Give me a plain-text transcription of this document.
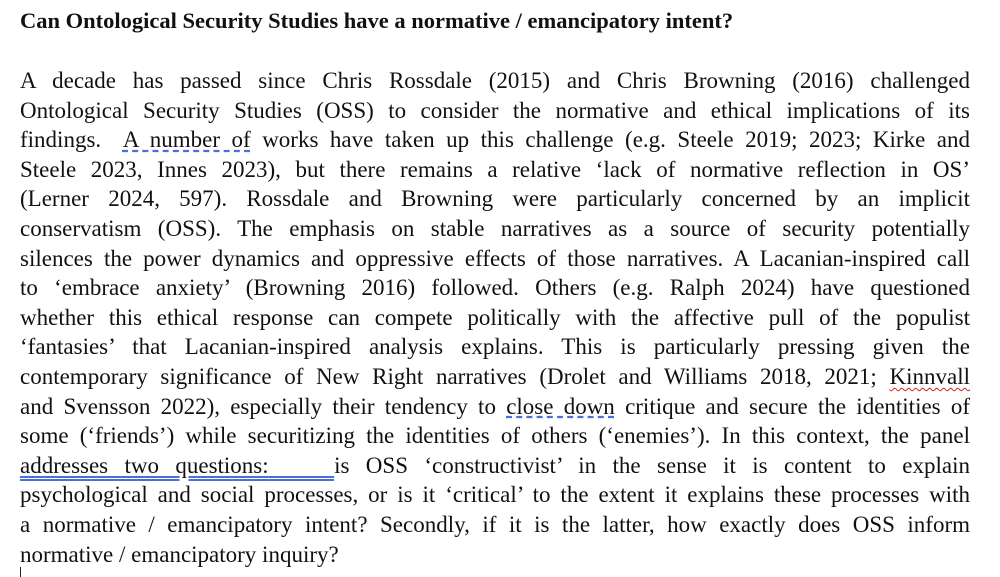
Can Ontological Security Studies have a normative / emancipatory intent?
A decade has passed since Chris Rossdale (2015) and Chris Browning (2016) challenged
Ontological Security Studies (OSS) to consider the normative and ethical implications of its
findings. A number of works have taken up this challenge (e.g. Steele 2019; 2023; Kirke and
Steele 2023, Innes 2023), but there remains a relative ‘lack of normative reflection in OS’
(Lerner 2024, 597). Rossdale and Browning were particularly concerned by an implicit
conservatism (OSS). The emphasis on stable narratives as a source of security potentially
silences the power dynamics and oppressive effects of those narratives. A Lacanian-inspired call
to ‘embrace anxiety’ (Browning 2016) followed. Others (e.g. Ralph 2024) have questioned
whether this ethical response can compete politically with the affective pull of the populist
‘fantasies’ that Lacanian-inspired analysis explains. This is particularly pressing given the
contemporary significance of New Right narratives (Drolet and Williams 2018, 2021; Kinnvall
and Svensson 2022), especially their tendency to close down critique and secure the identities of
some (‘friends’) while securitizing the identities of others (‘enemies’). In this context, the panel
addresses two questions:	is OSS ‘constructivist’ in the sense it is content to explain
psychological and social processes, or is it ‘critical’ to the extent it explains these processes with
a normative / emancipatory intent? Secondly, if it is the latter, how exactly does OSS inform
normative / emancipatory inquiry?
